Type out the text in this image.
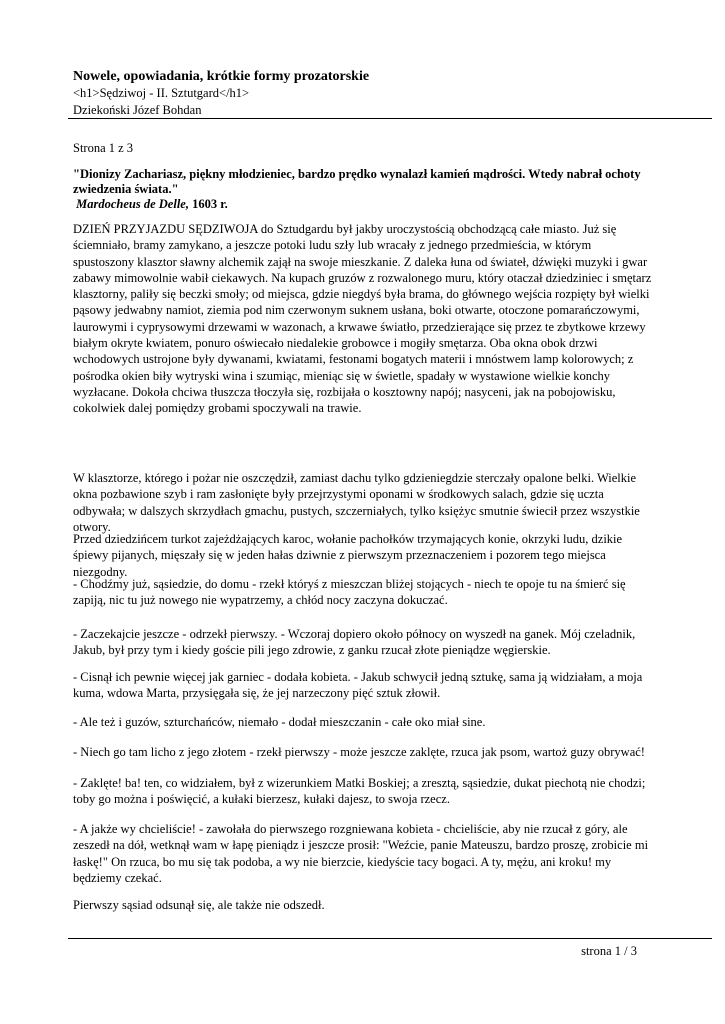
Nowele, opowiadania, krótkie formy prozatorskie
<h1>Sędziwoj - II. Sztutgard</h1>
Dziekoński Józef Bohdan
Strona 1 z 3
"Dionizy Zachariasz, piękny młodzieniec, bardzo prędko wynalazł kamień mądrości. Wtedy nabrał ochoty zwiedzenia świata."
Mardocheus de Delle, 1603 r.

DZIEŃ PRZYJAZDU SĘDZIWOJA do Sztudgardu był jakby uroczystością obchodzącą całe miasto. Już się ściemniało, bramy zamykano, a jeszcze potoki ludu szły lub wracały z jednego przedmieścia, w którym spustoszony klasztor sławny alchemik zajął na swoje mieszkanie. Z daleka łuna od świateł, dźwięki muzyki i gwar zabawy mimowolnie wabił ciekawych. Na kupach gruzów z rozwalonego muru, który otaczał dziedziniec i smętarz klasztorny, paliły się beczki smoły; od miejsca, gdzie niegdyś była brama, do głównego wejścia rozpięty był wielki pąsowy jedwabny namiot, ziemia pod nim czerwonym suknem usłana, boki otwarte, otoczone pomarańczowymi, laurowymi i cyprysowymi drzewami w wazonach, a krwawe światło, przedzierające się przez te zbytkowe krzewy białym okryte kwiatem, ponuro oświecało niedalekie grobowce i mogiły smętarza. Oba okna obok drzwi wchodowych ustrojone były dywanami, kwiatami, festonami bogatych materii i mnóstwem lamp kolorowych; z pośrodka okien biły wytryski wina i szumiąc, mieniąc się w świetle, spadały w wystawione wielkie konchy wyzłacane. Dokoła chciwa tłuszcza tłoczyła się, rozbijała o kosztowny napój; nasyceni, jak na pobojowisku, cokolwiek dalej pomiędzy grobami spoczywali na trawie.

W klasztorze, którego i pożar nie oszczędził, zamiast dachu tylko gdzieniegdzie sterczały opalone belki. Wielkie okna pozbawione szyb i ram zasłonięte były przejrzystymi oponami w środkowych salach, gdzie się uczta odbywała; w dalszych skrzydłach gmachu, pustych, szczerniałych, tylko księżyc smutnie świecił przez wszystkie otwory.

Przed dziedzińcem turkot zajeżdżających karoc, wołanie pachołków trzymających konie, okrzyki ludu, dzikie śpiewy pijanych, mięszały się w jeden hałas dziwnie z pierwszym przeznaczeniem i pozorem tego miejsca niezgodny.

- Chodźmy już, sąsiedzie, do domu - rzekł któryś z mieszczan bliżej stojących - niech te opoje tu na śmierć się zapiją, nic tu już nowego nie wypatrzemy, a chłód nocy zaczyna dokuczać.

- Zaczekajcie jeszcze - odrzekł pierwszy. - Wczoraj dopiero około północy on wyszedł na ganek. Mój czeladnik, Jakub, był przy tym i kiedy goście pili jego zdrowie, z ganku rzucał złote pieniądze węgierskie.

- Cisnął ich pewnie więcej jak garniec - dodała kobieta. - Jakub schwycił jedną sztukę, sama ją widziałam, a moja kuma, wdowa Marta, przysięgała się, że jej narzeczony pięć sztuk złowił.

- Ale też i guzów, szturchańców, niemało - dodał mieszczanin - całe oko miał sine.

- Niech go tam licho z jego złotem - rzekł pierwszy - może jeszcze zaklęte, rzuca jak psom, wartoż guzy obrywać!

- Zaklęte! ba! ten, co widziałem, był z wizerunkiem Matki Boskiej; a zresztą, sąsiedzie, dukat piechotą nie chodzi; toby go można i poświęcić, a kułaki bierzesz, kułaki dajesz, to swoja rzecz.

- A jakże wy chcieliście! - zawołała do pierwszego rozgniewana kobieta - chcieliście, aby nie rzucał z góry, ale zeszedł na dół, wetknął wam w łapę pieniądz i jeszcze prosił: "Weźcie, panie Mateuszu, bardzo proszę, zrobicie mi łaskę!" On rzuca, bo mu się tak podoba, a wy nie bierzcie, kiedyście tacy bogaci. A ty, mężu, ani kroku! my będziemy czekać.

Pierwszy sąsiad odsunął się, ale także nie odszedł.

strona 1 / 3
